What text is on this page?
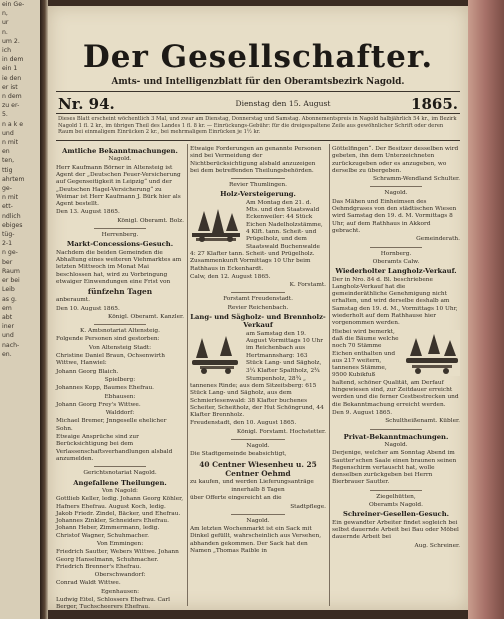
ein Ge-
n,
ur
n.
um 2.
ich
in dem
ein 1
ie den
er ist
n dem
zu er-
5.
n a k e
und
n mit
en
ten,
ttig
ahrtem
ge-
n mit
ett-
ndlich
ebiges
tüg-
2-1
n ge-
ber
Raum
er bei
Leib
as g.
em
abt
iner
und
nach-
en.
Der Gesellschafter.
Amts- und Intelligenzblatt für den Oberamtsbezirk Nagold.
Nr. 94.	Dienstag den 15. August	1865.
Dieses Blatt erscheint wöchentlich 3 Mal, und zwar am Dienstag, Donnerstag und Samstag. Abonnementspreis in Nagold halbjährlich 54 kr., im Bezirk Nagold 1 fl. 2 kr., im übrigen Theil des Landes 1 fl. 8 kr. — Einrückungs-Gebühr: für die dreigespaltene Zeile aus gewöhnlicher Schrift oder deren Raum bei einmaligem Einrücken 2 kr., bei mehrmaligem Einrücken je 1½ kr.
Amtliche Bekanntmachungen.

Nagold.

Herr Kaufmann Börner in Altensteig ist Agent der „Deutschen Feuer-Versicherung auf Gegenseitigkeit in Leipzig“ und der „Deutschen Hagel-Versicherung“ zu Weimar ist Herr Kaufmann J. Bürk hier als Agent bestellt.

Den 13. August 1865.

Königl. Oberamt. Bolz.

Herrenberg.

Markt-Concessions-Gesuch.

Nachdem die beiden Gemeinden die Abhaltung eines weiteren Viehmarktes am letzten Mittwoch im Monat Mai beschlossen hat, wird zu Vorbringung etwaiger Einwendungen eine Frist von

fünfzehn Tagen

anberaumt.

Den 10. August 1865.

Königl. Oberamt. Kanzler.

K. Amtsnotariat Altensteig.

Folgende Personen sind gestorben:

Von Altensteig Stadt:

Christine Daniel Braun, Ochsenwirth Wittwe, Hanwiel:

Johann Georg Blaich.

Spielberg:

Johannes Kopp, Baumes Ehefrau.

Ebhausen:

Johann Georg Frey's Wittwe.

Walddorf:

Michael Bremer, Jnngeselle ehelicher Sohn.

Etwaige Ansprüche sind zur Berücksichtigung bei dem Verlassenschaftsverhandlungen alsbald anzumelden.

Gerichtsnotariat Nagold.

Angefallene Theilungen.

Von Nagold:

Gottlieb Keller, ledig. Johann Georg Köhler, Hafners Ehefrau. August Koch, ledig. Jakob Friedr. Zindel, Bäcker, und Ehefrau. Johannes Zinkler, Schneiders Ehefrau. Johann Heber, Zimmermann, ledig. Christof Wagner, Schuhmacher.

Von Emmingen:

Friedrich Sautter, Webers Wittwe. Johann Georg Hanselmann, Schuhmacher. Friedrich Brenner's Ehefrau.

Oberschwandorf:

Conrad Waldt Wittwe.

Egenhausen:

Ludwig Eitel, Schlossers Ehefrau. Carl Berger, Tuchscheerers Ehefrau.

Etwaige Forderungen an genannte Personen sind bei Vermeidung der Nichtberücksichtigung alsbald anzuzeigen bei dem betreffenden Theilungsbehörden.

Revier Thumlingen.

Holz-Versteigerung.

Am Montag den 21. d. Mts. und den Staatswald Eckenweiler: 44 Stück Eichen Nadelholzstämme, 4 Klft. tann. Scheit- und Prügelholz, und dem Staatswald Buchenwalde 4: 27 Klafter tann. Scheit- und Prügelholz. Zusammenkunft Vormittags 10 Uhr beim Rathhaus in Eckenhardt.

Calw, den 12. August 1865.

K. Forstamt.

Forstamt Freudenstadt.

Revier Reichenbach.

Lang- und Sägholz- und Brennholz-Verkauf

am Samstag den 19. August Vormittags 10 Uhr im Reichenbach aus Hertmannsharg: 163 Stück Lang- und Sägholz,

3¼ Klafter Spaltholz, 2¾ Stumpenholz, 28¾ „ tannenes Rinde; aus dem Sitzeitsberg: 615 Stück Lang- und Sägholz, aus dem Schmierlesenwald: 38 Klafter buchenes Scheiter, Scheitholz, der Hut Schöngrund, 44 Klafter Brennholz.

Freudenstadt, den 10. August 1865.

Königl. Forstamt. Hochstetter.

Nagold.

Die Stadtgemeinde beabsichtigt,

40 Centner Wiesenheu u. 25 Centner Oehmd

zu kaufen, und werden Lieferungsanträge

innerhalb 8 Tagen

über Offerte eingereicht an die

Stadtpflege.

Nagold.

Am letzten Wochenmarkt ist ein Sack mit Dinkel gefüllt, wahrscheinlich aus Versehen, abhanden gekommen. Der Sack hat den Namen „Thomas Raible in

Göttelfingen“. Der Besitzer desselben wird gebeten, ihn dem Unterzeichneten zurückzugeben oder es anzugeben, wo derselbe zu übergeben.

Schramm-Wendland Schulter.

Nagold.

Das Mähen und Einheimsen des Oehmdgrases von den städtischen Wiesen wird Samstag den 19. d. M. Vormittags 8 Uhr, auf dem Rathhaus in Akkord gebracht.

Gemeinderath.

Hornberg.

Oberamts Calw.

Wiederholter Langholz-Verkauf.

Der in Nro. 84 d. Bl. beschriebene Langholz-Verkauf hat die gemeinderäthliche Genehmigung nicht erhalten, und wird derselbe deshalb am Samstag den 19. d. M., Vormittags 10 Uhr, wiederholt auf dem Rathhause hier vorgenommen werden.

Hiebei wird bemerkt, daß die Bäume welche noch 70 Stämme Eichen enthalten und aus 217 weitern, tannenes Stämme, 9500 Kubikfuß haltend, schöner Qualität, am Derfauf hingewiesen sind, zur Zeitdauer erreicht werden und die ferner Cestbestrecken und die Bekanntmachung erreicht werden.

Den 9. August 1865.

Schultheißenamt. Kübler.

Privat-Bekanntmachungen.

Nagold.

Derjenige, welcher am Sonntag Abend im Sautter'schen Saale einen braunen seinen Regenschirm vertauscht hat, wolle denselben zurückgeben bei Herrn Bierbrauer Sautter.

Ziegelhütten,

Oberamts Nagold.

Schreiner-Gesellen-Gesuch.

Ein gewandter Arbeiter findet sogleich bei selbst dauernde Arbeit bei Bau oder Möbel dauernde Arbeit bei

Aug. Schreiner.
